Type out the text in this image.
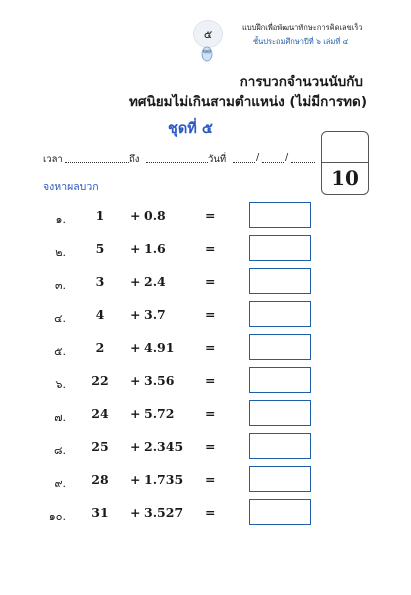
๕
แบบฝึกเพื่อพัฒนาทักษะการคิดเลขเร็ว
ชั้นประถมศึกษาปีที่ ๖ เล่มที่ ๔
การบวกจำนวนนับกับ
ทศนิยมไม่เกินสามตำแหน่ง (ไม่มีการทด)
ชุดที่ ๕
10
เวลา	ถึง	วันที่	/	/
จงหาผลบวก
๑.	1	+ 0.8	=
๒.	5	+ 1.6	=
๓.	3	+ 2.4	=
๔.	4	+ 3.7	=
๕.	2	+ 4.91 =
๖.	22	+ 3.56 =
๗.	24	+ 5.72 =
๘.	25	+ 2.345 =
๙.	28	+ 1.735 =
๑๐.	31	+ 3.527 =
